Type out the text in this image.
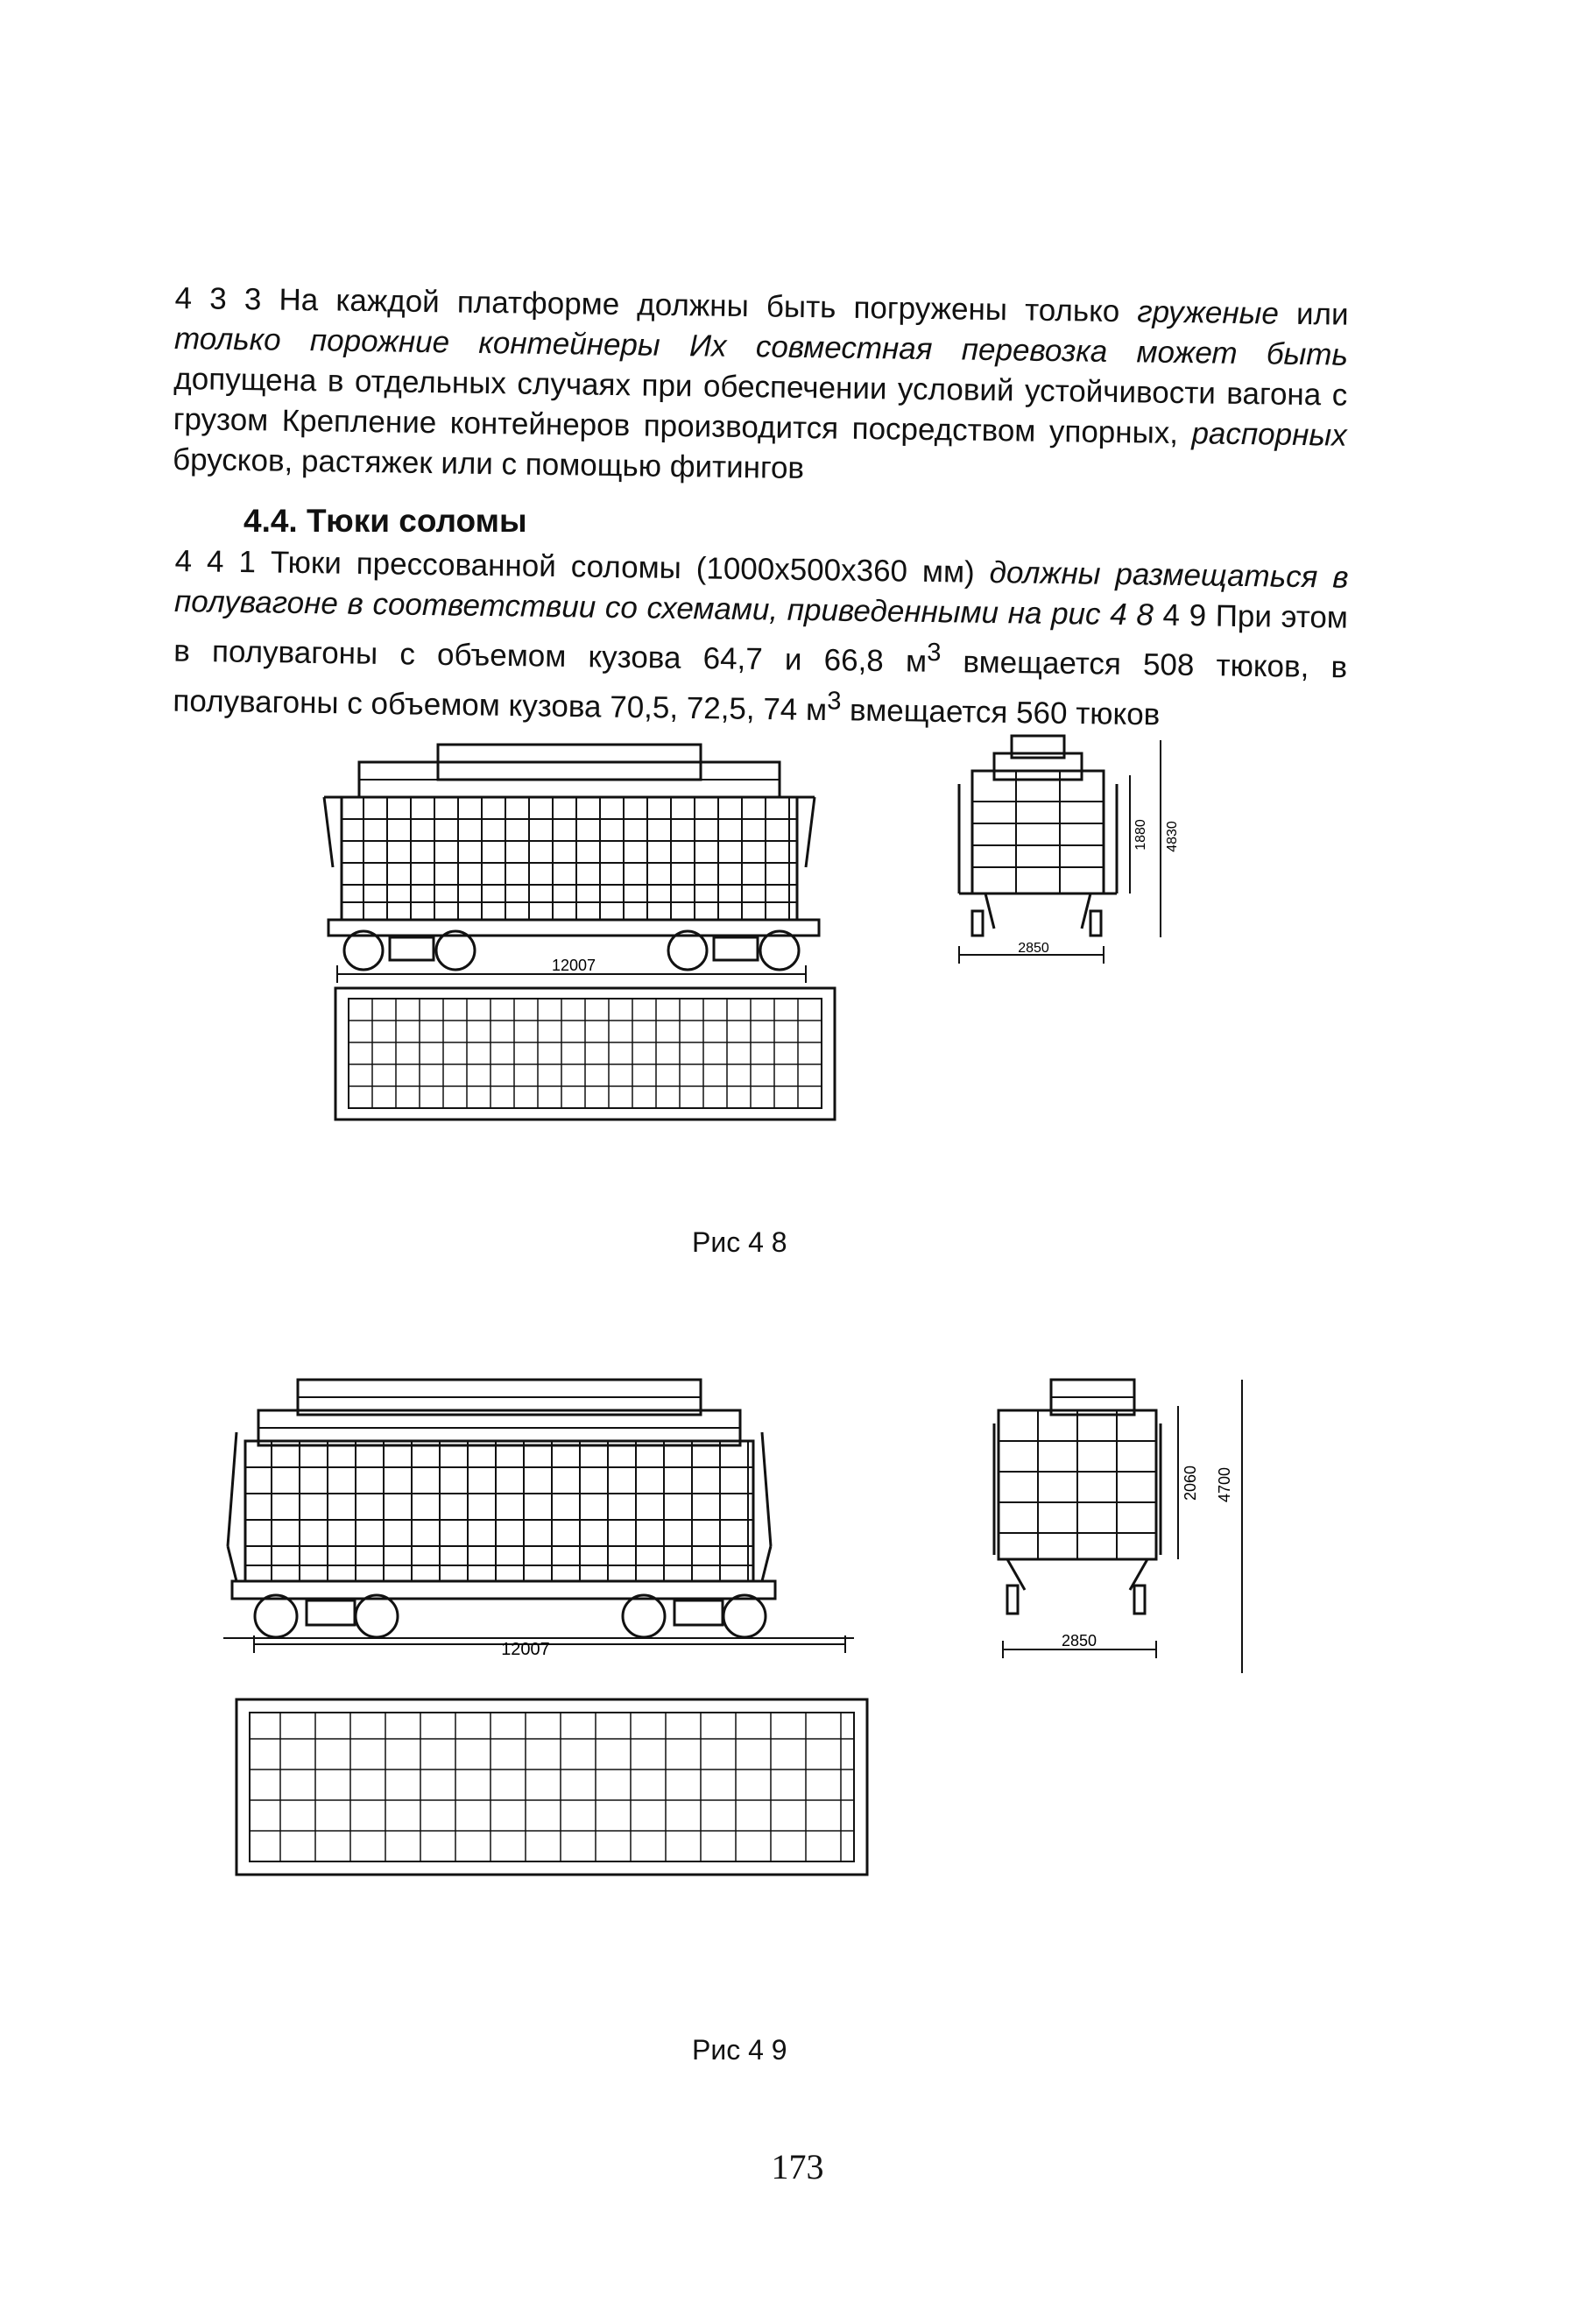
4 3 3 На каждой платформе должны быть погружены только груженые или только порожние контейнеры Их совместная перевозка может быть допущена в отдельных случаях при обеспечении условий устойчивости вагона с грузом Крепление контейнеров производится посредством упорных, распорных брусков, растяжек или с помощью фитингов
4.4. Тюки соломы
4 4 1 Тюки прессованной соломы (1000x500x360 мм) должны размещаться в полувагоне в соответствии со схемами, приведенными на рис 4 8 4 9 При этом в полувагоны с объемом кузова 64,7 и 66,8 $м^3$ вмещается 508 тюков, в полувагоны с объемом кузова 70,5, 72,5, 74 $м^3$ вмещается 560 тюков
12007
2850
1880 4830
Рис 4 8
12007	2850
2060 4700
Рис 4 9
173
